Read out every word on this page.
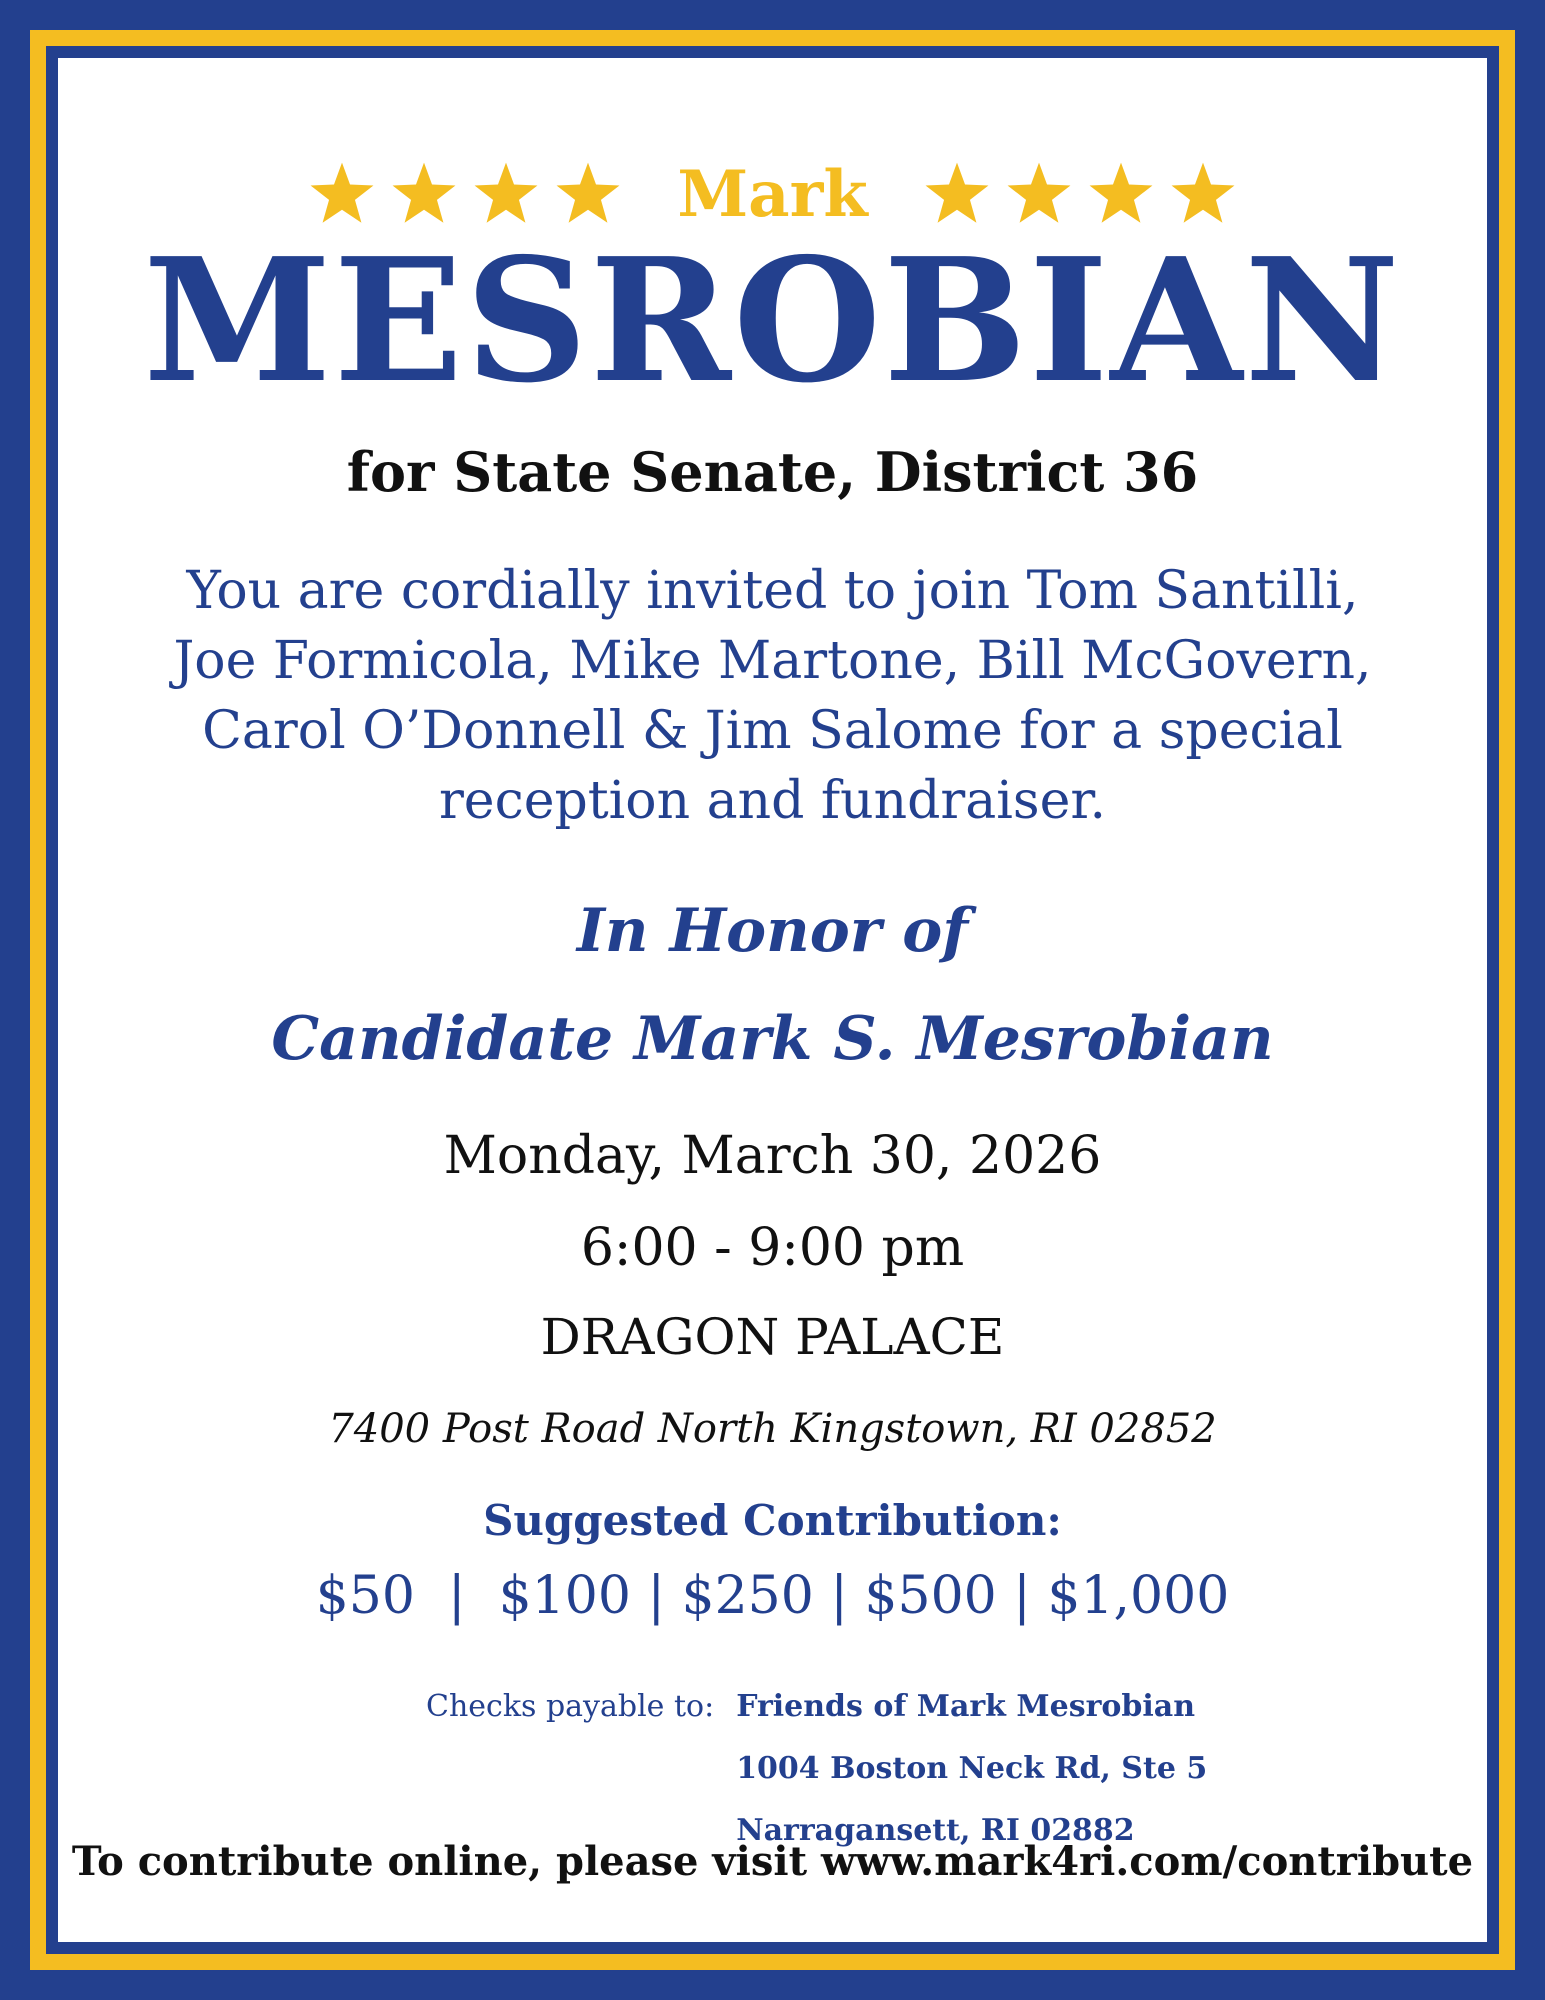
Mark
MESROBIAN
for State Senate, District 36
You are cordially invited to join Tom Santilli, Joe Formicola, Mike Martone, Bill McGovern, Carol O’Donnell & Jim Salome for a special reception and fundraiser.
In Honor of
Candidate Mark S. Mesrobian
Monday, March 30, 2026
6:00 - 9:00 pm
DRAGON PALACE
7400 Post Road North Kingstown, RI 02852
Suggested Contribution:
$50  |  $100 | $250 | $500 | $1,000
Checks payable to: Friends of Mark Mesrobian
1004 Boston Neck Rd, Ste 5
Narragansett, RI 02882
To contribute online, please visit www.mark4ri.com/contribute
